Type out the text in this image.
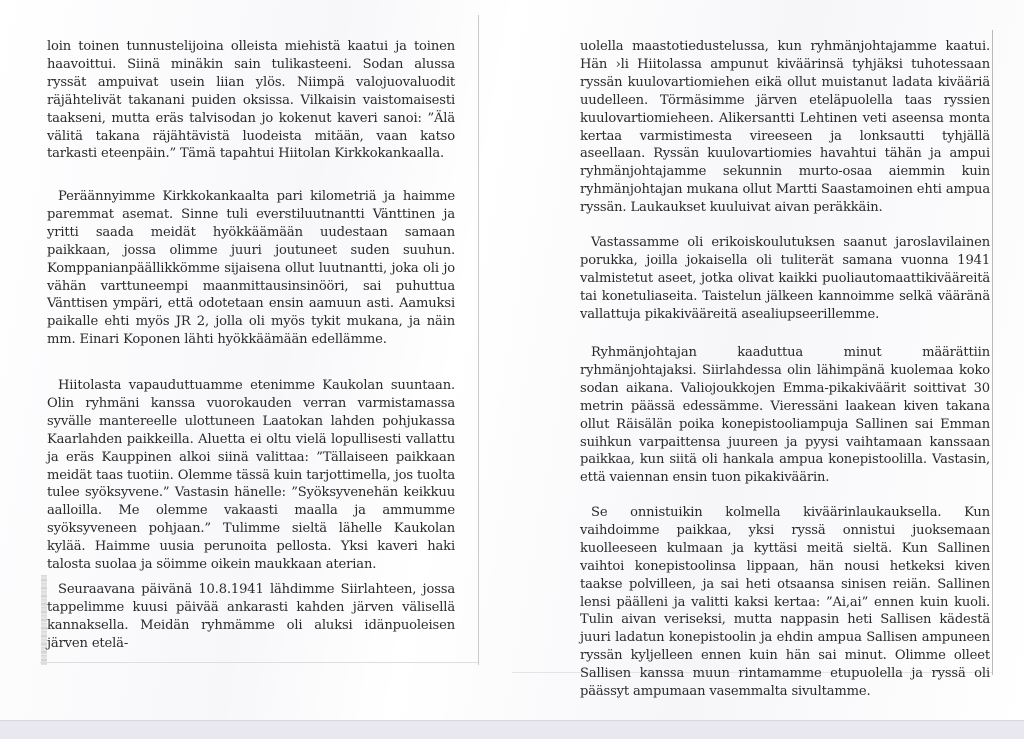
loin toinen tunnustelijoina olleista miehistä kaatui ja toinen haavoittui. Siinä minäkin sain tulikasteeni. Sodan alussa ryssät ampuivat usein liian ylös. Niimpä valojuovaluodit räjähtelivät takanani puiden oksissa. Vilkaisin vaistomaisesti taakseni, mutta eräs talvisodan jo kokenut kaveri sanoi: ”Älä välitä takana räjähtävistä luodeista mitään, vaan katso tarkasti eteenpäin.” Tämä tapahtui Hiitolan Kirkkokankaalla.

Peräännyimme Kirkkokankaalta pari kilometriä ja haimme paremmat asemat. Sinne tuli everstiluutnantti Vänttinen ja yritti saada meidät hyökkäämään uudestaan samaan paikkaan, jossa olimme juuri joutuneet suden suuhun. Komppanianpäällikkömme sijaisena ollut luutnantti, joka oli jo vähän varttuneempi maanmittausinsinööri, sai puhuttua Vänttisen ympäri, että odotetaan ensin aamuun asti. Aamuksi paikalle ehti myös JR 2, jolla oli myös tykit mukana, ja näin mm. Einari Koponen lähti hyökkäämään edellämme.

Hiitolasta vapauduttuamme etenimme Kaukolan suuntaan. Olin ryhmäni kanssa vuorokauden verran varmistamassa syvälle mantereelle ulottuneen Laatokan lahden pohjukassa Kaarlahden paikkeilla. Aluetta ei oltu vielä lopullisesti vallattu ja eräs Kauppinen alkoi siinä valittaa: ”Tällaiseen paikkaan meidät taas tuotiin. Olemme tässä kuin tarjottimella, jos tuolta tulee syöksyvene.” Vastasin hänelle: ”Syöksyvenehän keikkuu aalloilla. Me olemme vakaasti maalla ja ammumme syöksyveneen pohjaan.” Tulimme sieltä lähelle Kaukolan kylää. Haimme uusia perunoita pellosta. Yksi kaveri haki talosta suolaa ja söimme oikein maukkaan aterian.

Seuraavana päivänä 10.8.1941 lähdimme Siirlahteen, jossa tappelimme kuusi päivää ankarasti kahden järven välisellä kannaksella. Meidän ryhmämme oli aluksi idänpuoleisen järven etelä-

uolella maastotiedustelussa, kun ryhmänjohtajamme kaatui. Hän ›li Hiitolassa ampunut kiväärinsä tyhjäksi tuhotessaan ryssän kuulovartiomiehen eikä ollut muistanut ladata kivääriä uudelleen. Törmäsimme järven eteläpuolella taas ryssien kuulovartiomieheen. Alikersantti Lehtinen veti aseensa monta kertaa varmistimesta vireeseen ja lonksautti tyhjällä aseellaan. Ryssän kuulovartiomies havahtui tähän ja ampui ryhmänjohtajamme sekunnin murto-osaa aiemmin kuin ryhmänjohtajan mukana ollut Martti Saastamoinen ehti ampua ryssän. Laukaukset kuuluivat aivan peräkkäin.

Vastassamme oli erikoiskoulutuksen saanut jaroslavilainen porukka, joilla jokaisella oli tuliterät samana vuonna 1941 valmistetut aseet, jotka olivat kaikki puoliautomaattikivääreitä tai konetuliaseita. Taistelun jälkeen kannoimme selkä vääränä vallattuja pikakivääreitä asealiupseerillemme.

Ryhmänjohtajan kaaduttua minut määrättiin ryhmänjohtajaksi. Siirlahdessa olin lähimpänä kuolemaa koko sodan aikana. Valiojoukkojen Emma-pikakiväärit soittivat 30 metrin päässä edessämme. Vieressäni laakean kiven takana ollut Räisälän poika konepistooliampuja Sallinen sai Emman suihkun varpaittensa juureen ja pyysi vaihtamaan kanssaan paikkaa, kun siitä oli hankala ampua konepistoolilla. Vastasin, että vaiennan ensin tuon pikakiväärin.

Se onnistuikin kolmella kiväärinlaukauksella. Kun vaihdoimme paikkaa, yksi ryssä onnistui juoksemaan kuolleeseen kulmaan ja kyttäsi meitä sieltä. Kun Sallinen vaihtoi konepistoolinsa lippaan, hän nousi hetkeksi kiven taakse polvilleen, ja sai heti otsaansa sinisen reiän. Sallinen lensi päälleni ja valitti kaksi kertaa: ”Ai,ai” ennen kuin kuoli. Tulin aivan veriseksi, mutta nappasin heti Sallisen kädestä juuri ladatun konepistoolin ja ehdin ampua Sallisen ampuneen ryssän kyljelleen ennen kuin hän sai minut. Olimme olleet Sallisen kanssa muun rintamamme etupuolella ja ryssä oli päässyt ampumaan vasemmalta sivultamme.
